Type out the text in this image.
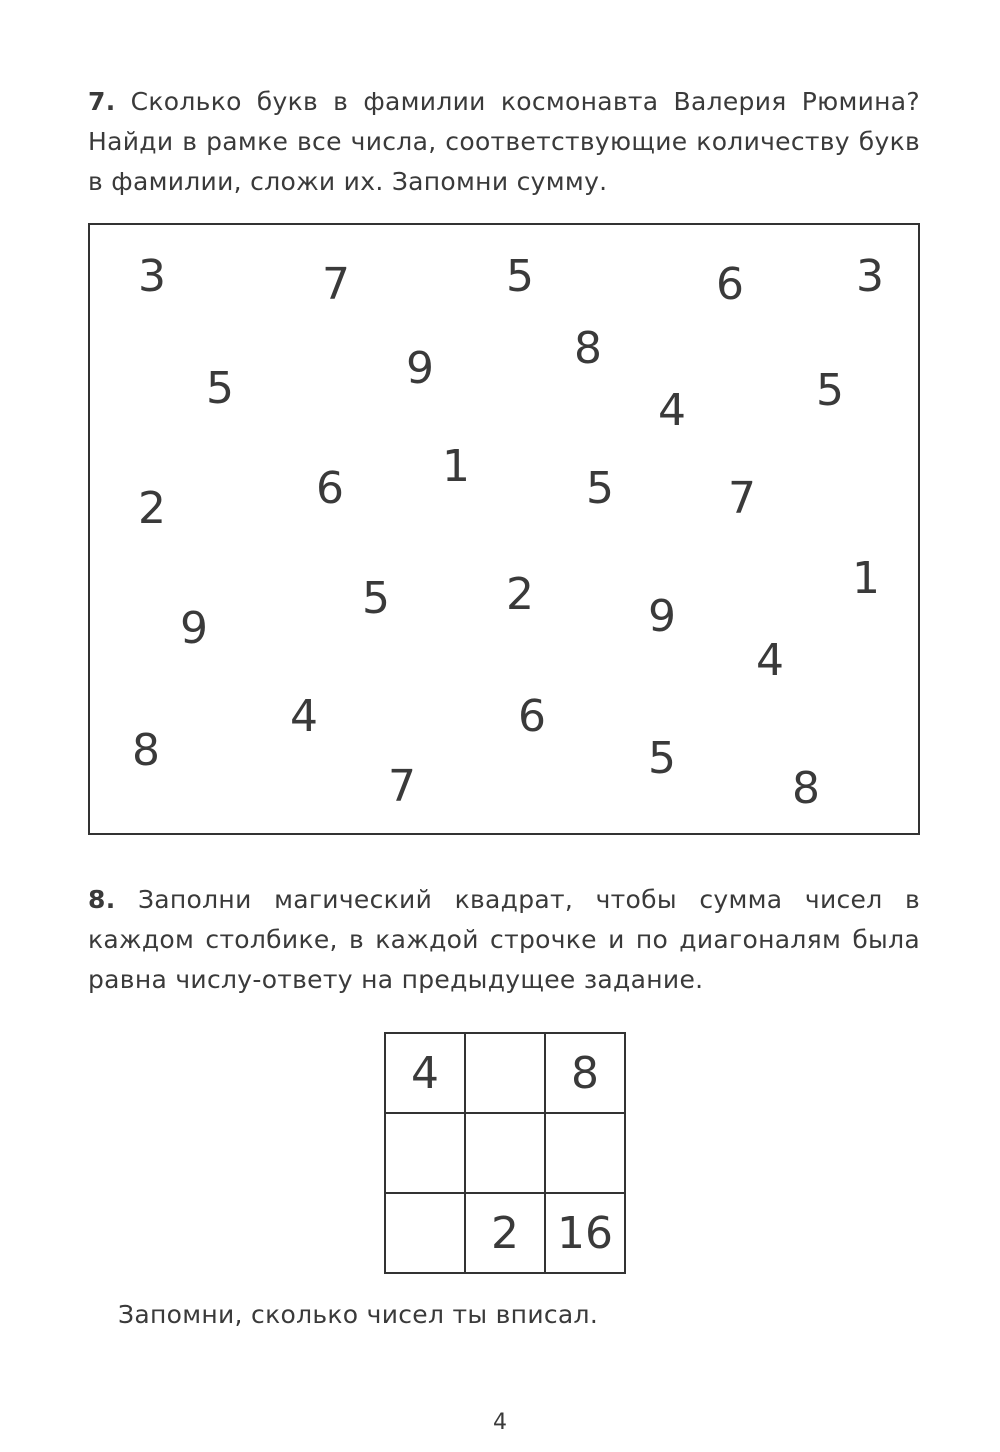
7. Сколько букв в фамилии космонавта Валерия Рюмина? Найди в рамке все числа, соответствующие количеству букв в фамилии, сложи их. Запомни сумму.
3	7	5	6	3
5	9	8
4	5
2	6 1	5	7
9
5	2	9
1
4
8
4	6
7
5
8
8. Заполни магический квадрат, чтобы сумма чисел в каждом столбике, в каждой строчке и по диагоналям была равна числу-ответу на предыдущее задание.
4		8

	2	16
Запомни, сколько чисел ты вписал.
4
